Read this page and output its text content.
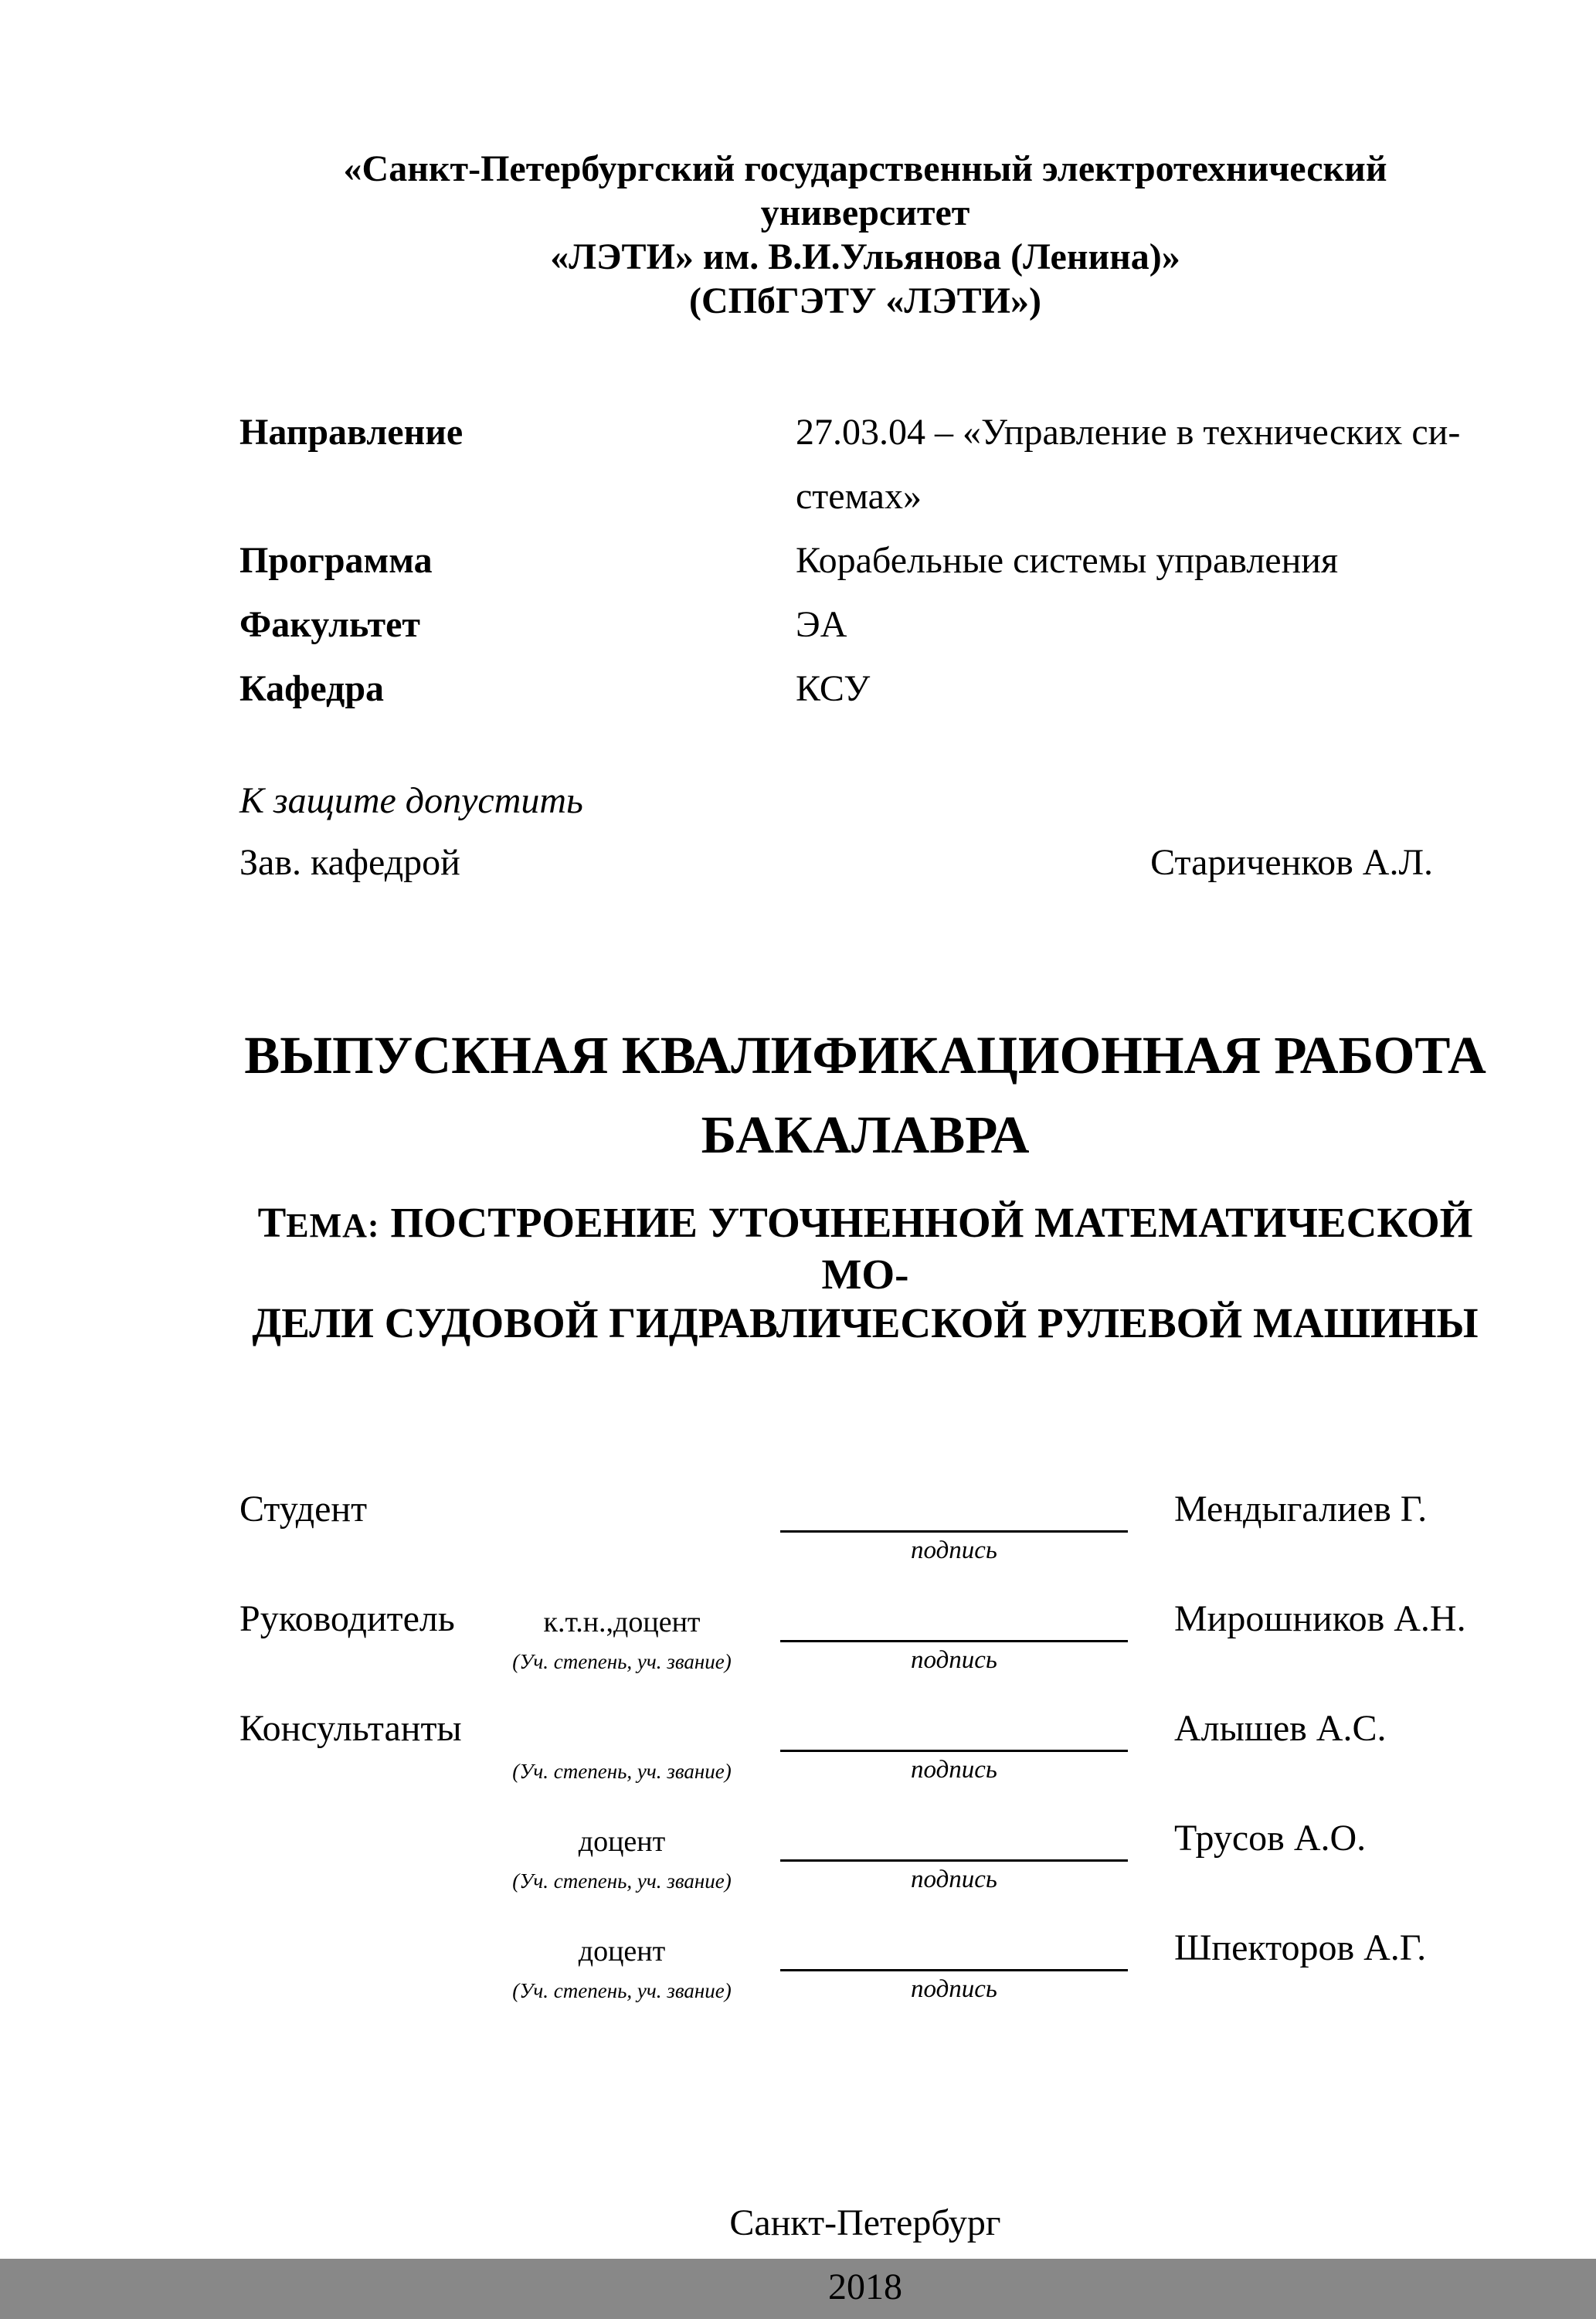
«Санкт-Петербургский государственный электротехнический университет
«ЛЭТИ» им. В.И.Ульянова (Ленина)»
(СПбГЭТУ «ЛЭТИ»)
Направление	27.03.04 – «Управление в технических си-
стемах»
Программа	Корабельные системы управления
Факультет	ЭА
Кафедра	КСУ
К защите допустить
Зав. кафедрой	Стариченков А.Л.
ВЫПУСКНАЯ КВАЛИФИКАЦИОННАЯ РАБОТА
БАКАЛАВРА
ТЕМА: ПОСТРОЕНИЕ УТОЧНЕННОЙ МАТЕМАТИЧЕСКОЙ МО-
ДЕЛИ СУДОВОЙ ГИДРАВЛИЧЕСКОЙ РУЛЕВОЙ МАШИНЫ
Студент	Мендыгалиев Г.
подпись
Руководитель	к.т.н.,доцент	Мирошников А.Н.
(Уч. степень, уч. звание)	подпись
Консультанты	Алышев А.С.
(Уч. степень, уч. звание)	подпись
доцент	Трусов А.О.
(Уч. степень, уч. звание)	подпись
доцент	Шпекторов А.Г.
(Уч. степень, уч. звание)	подпись
Санкт-Петербург
2018
